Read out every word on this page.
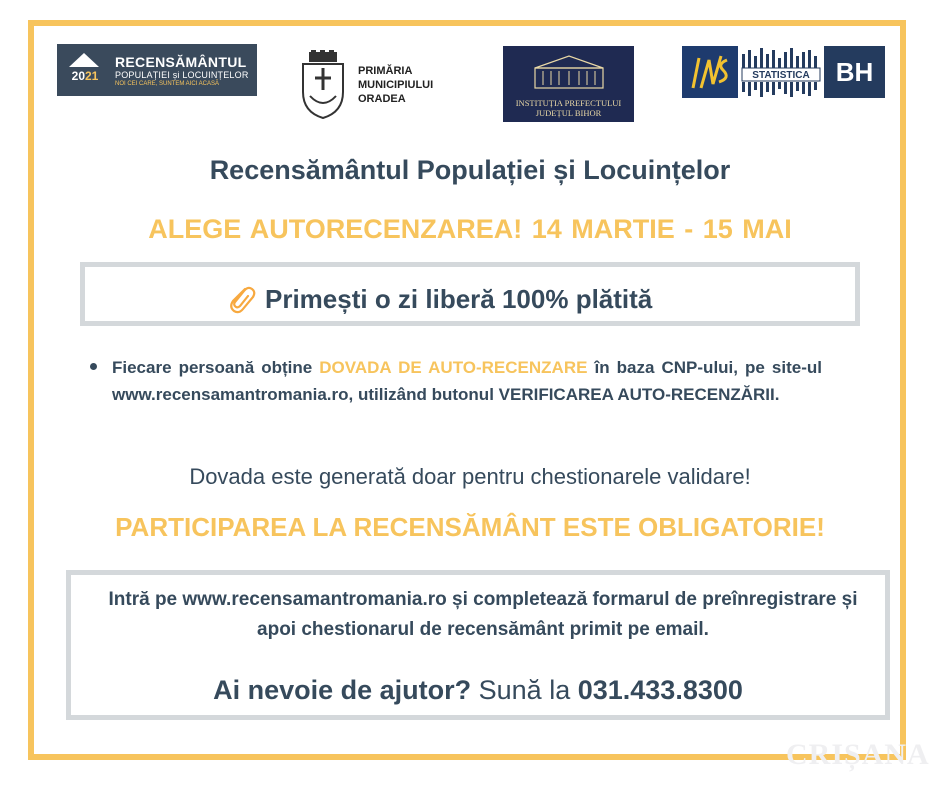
2021
RECENSĂMÂNTUL
POPULAȚIEI și LOCUINȚELOR
NOI CEI CARE, SUNTEM AICI ACASĂ
PRIMĂRIA
MUNICIPIULUI
ORADEA	INSTITUȚIA PREFECTULUI
JUDEȚUL BIHOR
STATISTICA	BH
Recensământul Populației și Locuințelor
ALEGE AUTORECENZAREA! 14 MARTIE - 15 MAI
Primești o zi liberă 100% plătită
Fiecare persoană obține DOVADA DE AUTO-RECENZARE în baza CNP-ului, pe site-ul www.recensamantromania.ro, utilizând butonul VERIFICAREA AUTO-RECENZĂRII.
Dovada este generată doar pentru chestionarele validare!
PARTICIPAREA LA RECENSĂMÂNT ESTE OBLIGATORIE!
Intră pe www.recensamantromania.ro și completează formarul de preînregistrare și apoi chestionarul de recensământ primit pe email.
Ai nevoie de ajutor? Sună la 031.433.8300
CRIȘANA
